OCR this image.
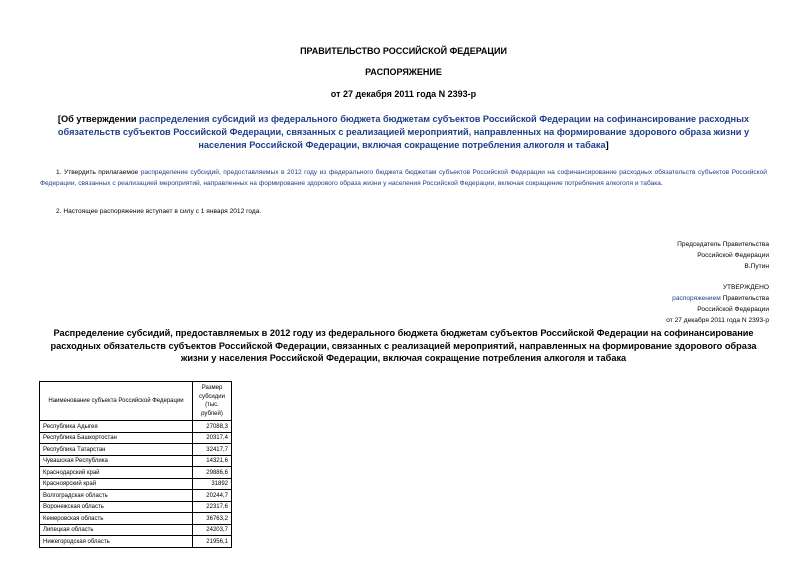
ПРАВИТЕЛЬСТВО РОССИЙСКОЙ ФЕДЕРАЦИИ
РАСПОРЯЖЕНИЕ
от 27 декабря 2011 года N 2393-р
[Об утверждении распределения субсидий из федерального бюджета бюджетам субъектов Российской Федерации на софинансирование расходных обязательств субъектов Российской Федерации, связанных с реализацией мероприятий, направленных на формирование здорового образа жизни у населения Российской Федерации, включая сокращение потребления алкоголя и табака]
1. Утвердить прилагаемое распределение субсидий, предоставляемых в 2012 году из федерального бюджета бюджетам субъектов Российской Федерации на софинансирование расходных обязательств субъектов Российской Федерации, связанных с реализацией мероприятий, направленных на формирование здорового образа жизни у населения Российской Федерации, включая сокращение потребления алкоголя и табака.
2. Настоящее распоряжение вступает в силу с 1 января 2012 года.
Председатель Правительства
Российской Федерации
В.Путин
УТВЕРЖДЕНО
распоряжением Правительства
Российской Федерации
от 27 декабря 2011 года N 2393-р
Распределение субсидий, предоставляемых в 2012 году из федерального бюджета бюджетам субъектов Российской Федерации на софинансирование расходных обязательств субъектов Российской Федерации, связанных с реализацией мероприятий, направленных на формирование здорового образа жизни у населения Российской Федерации, включая сокращение потребления алкоголя и табака
Наименование субъекта Российской Федерации	Размер субсидии (тыс. рублей)
Республика Адыгея	27088,3
Республика Башкортостан	20317,4
Республика Татарстан	32417,7
Чувашская Республика	14321,6
Краснодарский край	29886,6
Красноярский край	31892
Волгоградская область	20244,7
Воронежская область	22317,6
Кемеровская область	36763,2
Липецкая область	24203,7
Нижегородская область	21956,1
